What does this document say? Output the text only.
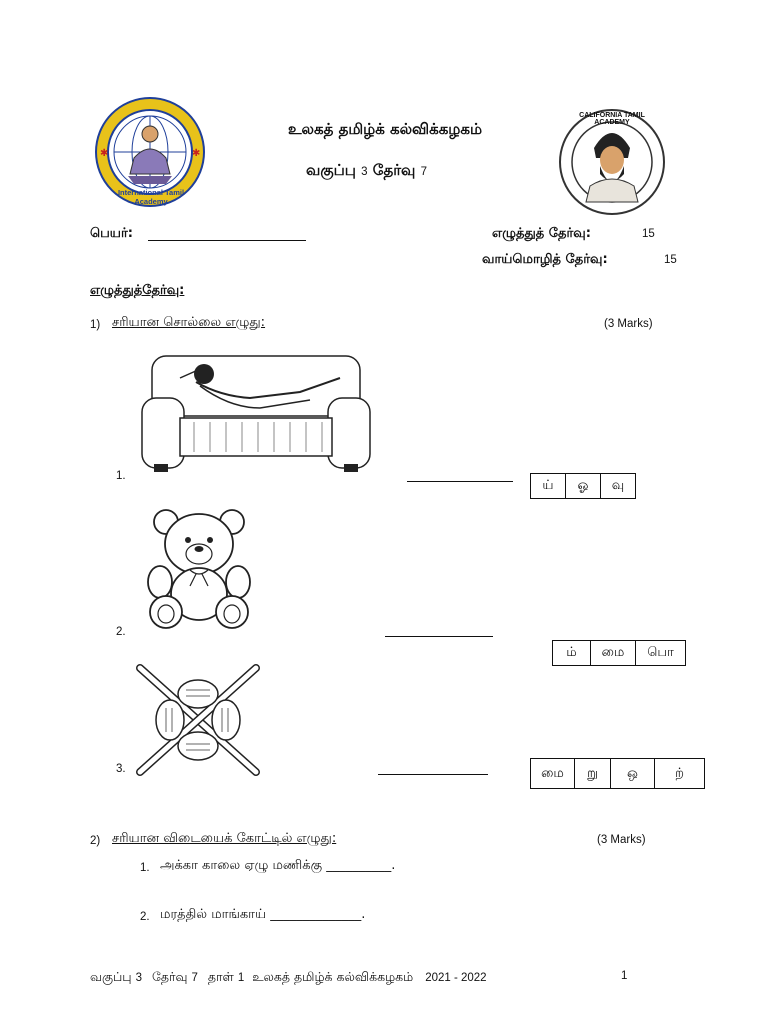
✱	✱
International Tamil Academy
CALIFORNIA TAMIL ACADEMY
உலகத் தமிழ்க் கல்விக்கழகம்
வகுப்பு 3 தேர்வு 7
பெயர்:	எழுத்துத் தேர்வு:	15
வாய்மொழித் தேர்வு:	15
எழுத்துத்தேர்வு:
1) சரியான சொல்லை எழுது:	(3 Marks)
1.
ய்	ஓ	வு
2.
ம்	மை	பொ
3.	மை	று	ஒ	ற்
2) சரியான விடையைக் கோட்டில் எழுது:	(3 Marks)
1. அக்கா காலை ஏழு மணிக்கு __________.
2. மரத்தில் மாங்காய் ______________.
வகுப்பு 3 தேர்வு 7 தாள் 1 உலகத் தமிழ்க் கல்விக்கழகம் 2021 - 2022	1
